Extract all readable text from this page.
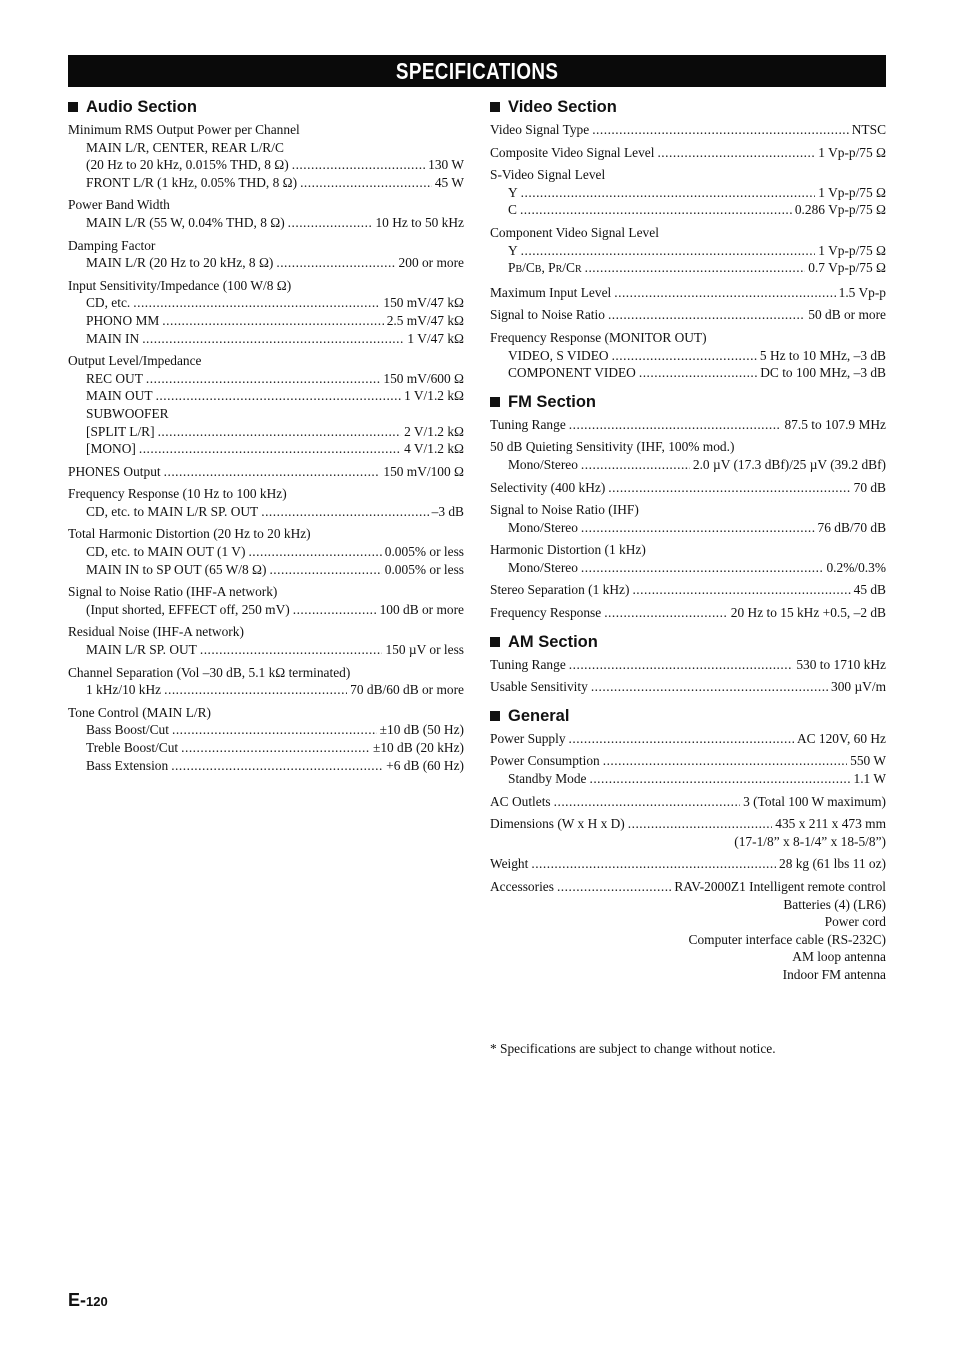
SPECIFICATIONS
Audio Section
Minimum RMS Output Power per Channel
MAIN L/R, CENTER, REAR L/R/C
(20 Hz to 20 kHz, 0.015% THD, 8 Ω) .....	130 W
FRONT L/R (1 kHz, 0.05% THD, 8 Ω) .....	45 W
Power Band Width
MAIN L/R (55 W, 0.04% THD, 8 Ω) .....	10 Hz to 50 kHz
Damping Factor
MAIN L/R (20 Hz to 20 kHz, 8 Ω) .....	200 or more
Input Sensitivity/Impedance (100 W/8 Ω)
CD, etc. .....	150 mV/47 kΩ
PHONO MM .....	2.5 mV/47 kΩ
MAIN IN .....	1 V/47 kΩ
Output Level/Impedance
REC OUT .....	150 mV/600 Ω
MAIN OUT .....	1 V/1.2 kΩ
SUBWOOFER
[SPLIT L/R] .....	2 V/1.2 kΩ
[MONO] .....	4 V/1.2 kΩ
PHONES Output .....	150 mV/100 Ω
Frequency Response (10 Hz to 100 kHz)
CD, etc. to MAIN L/R SP. OUT .....	–3 dB
Total Harmonic Distortion (20 Hz to 20 kHz)
CD, etc. to MAIN OUT (1 V) .....	0.005% or less
MAIN IN to SP OUT (65 W/8 Ω) .....	0.005% or less
Signal to Noise Ratio (IHF-A network)
(Input shorted, EFFECT off, 250 mV) .....	100 dB or more
Residual Noise (IHF-A network)
MAIN L/R SP. OUT .....	150 µV or less
Channel Separation (Vol –30 dB, 5.1 kΩ terminated)
1 kHz/10 kHz .....	70 dB/60 dB or more
Tone Control (MAIN L/R)
Bass Boost/Cut .....	±10 dB (50 Hz)
Treble Boost/Cut .....	±10 dB (20 kHz)
Bass Extension .....	+6 dB (60 Hz)
Video Section
Video Signal Type .....	NTSC
Composite Video Signal Level .....	1 Vp-p/75 Ω
S-Video Signal Level
Y .....	1 Vp-p/75 Ω
C .....	0.286 Vp-p/75 Ω
Component Video Signal Level
Y .....	1 Vp-p/75 Ω
PB/CB, PR/CR .....	0.7 Vp-p/75 Ω
Maximum Input Level .....	1.5 Vp-p
Signal to Noise Ratio .....	50 dB or more
Frequency Response (MONITOR OUT)
VIDEO, S VIDEO .....	5 Hz to 10 MHz, –3 dB
COMPONENT VIDEO .....	DC to 100 MHz, –3 dB
FM Section
Tuning Range .....	87.5 to 107.9 MHz
50 dB Quieting Sensitivity (IHF, 100% mod.)
Mono/Stereo .....	2.0 µV (17.3 dBf)/25 µV (39.2 dBf)
Selectivity (400 kHz) .....	70 dB
Signal to Noise Ratio (IHF)
Mono/Stereo .....	76 dB/70 dB
Harmonic Distortion (1 kHz)
Mono/Stereo .....	0.2%/0.3%
Stereo Separation (1 kHz) .....	45 dB
Frequency Response .....	20 Hz to 15 kHz +0.5, –2 dB
AM Section
Tuning Range .....	530 to 1710 kHz
Usable Sensitivity .....	300 µV/m
General
Power Supply .....	AC 120V, 60 Hz
Power Consumption .....	550 W
Standby Mode .....	1.1 W
AC Outlets .....	3 (Total 100 W maximum)
Dimensions (W x H x D) .....	435 x 211 x 473 mm
(17-1/8” x 8-1/4” x 18-5/8”)
Weight .....	28 kg (61 lbs 11 oz)
Accessories .....	RAV-2000Z1 Intelligent remote control
Batteries (4) (LR6)
Power cord
Computer interface cable (RS-232C)
AM loop antenna
Indoor FM antenna
* Specifications are subject to change without notice.
E-120
